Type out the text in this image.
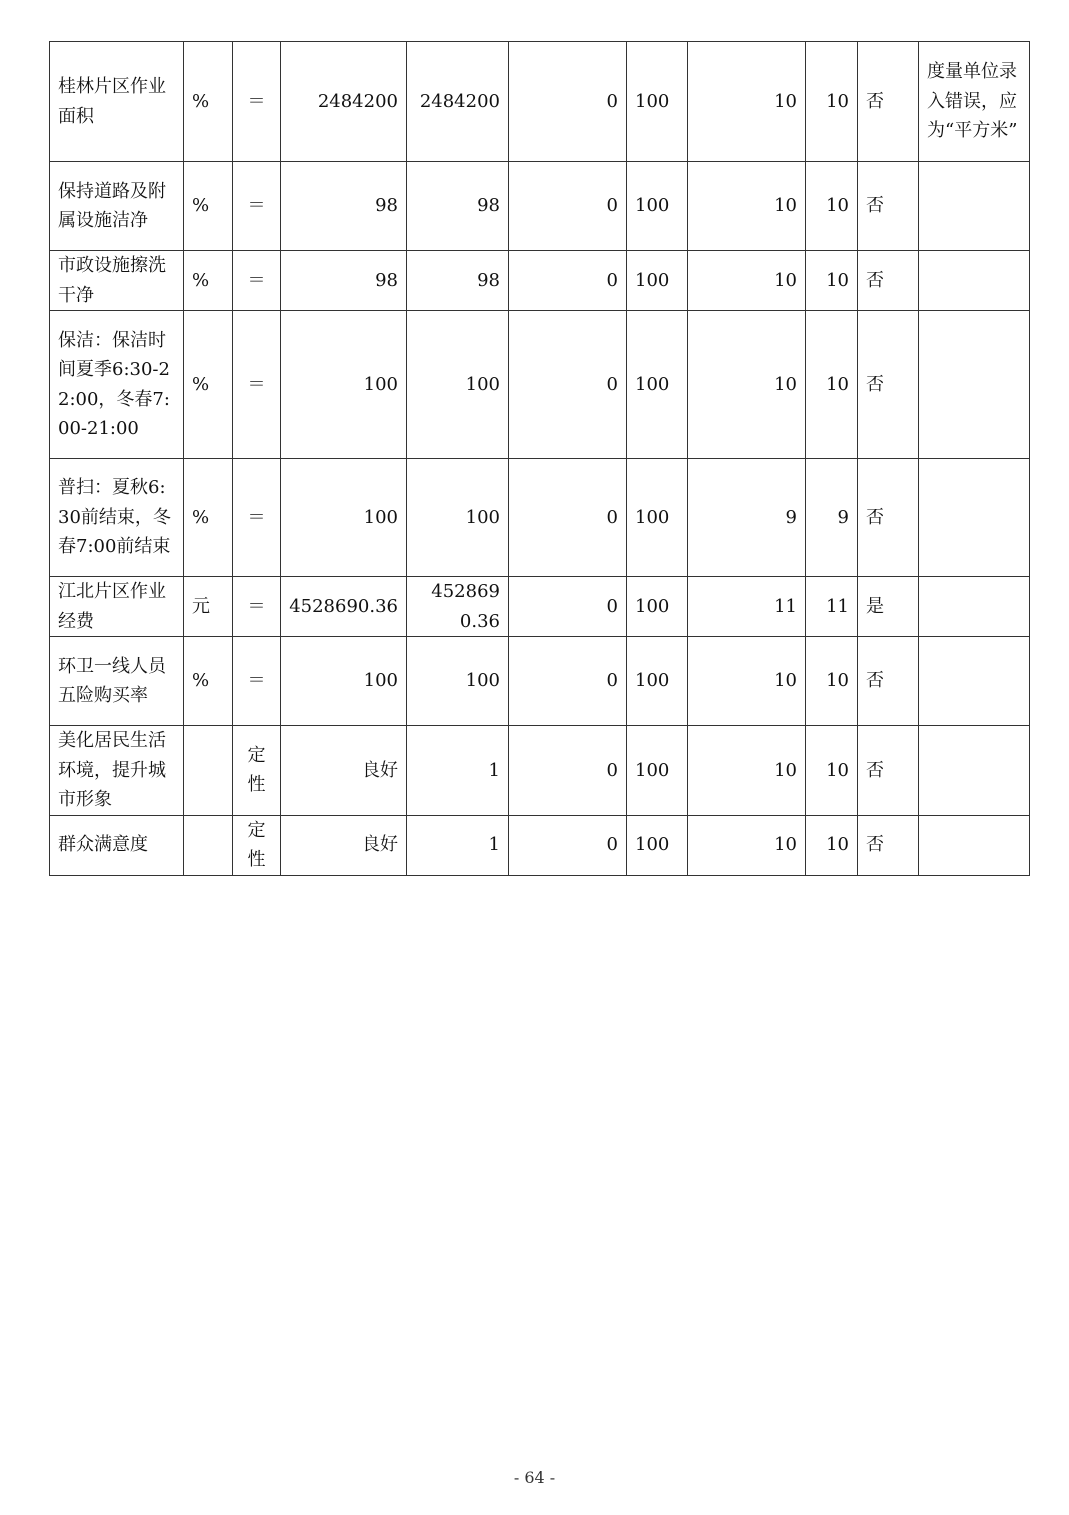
桂林片区作业面积	%	＝	2484200	2484200	0	100	10	10	否	度量单位录入错误，应为“平方米”
保持道路及附属设施洁净	%	＝	98	98	0	100	10	10	否	
市政设施擦洗干净	%	＝	98	98	0	100	10	10	否	
保洁：保洁时间夏季6:30-22:00，冬春7:00-21:00	%	＝	100	100	0	100	10	10	否	
普扫：夏秋6:30前结束，冬春7:00前结束	%	＝	100	100	0	100	9	9	否	
江北片区作业经费	元	＝	4528690.36	4528690.36	0	100	11	11	是	
环卫一线人员五险购买率	%	＝	100	100	0	100	10	10	否	
美化居民生活环境，提升城市形象		定性	良好	1	0	100	10	10	否	
群众满意度		定性	良好	1	0	100	10	10	否	
- 64 -
